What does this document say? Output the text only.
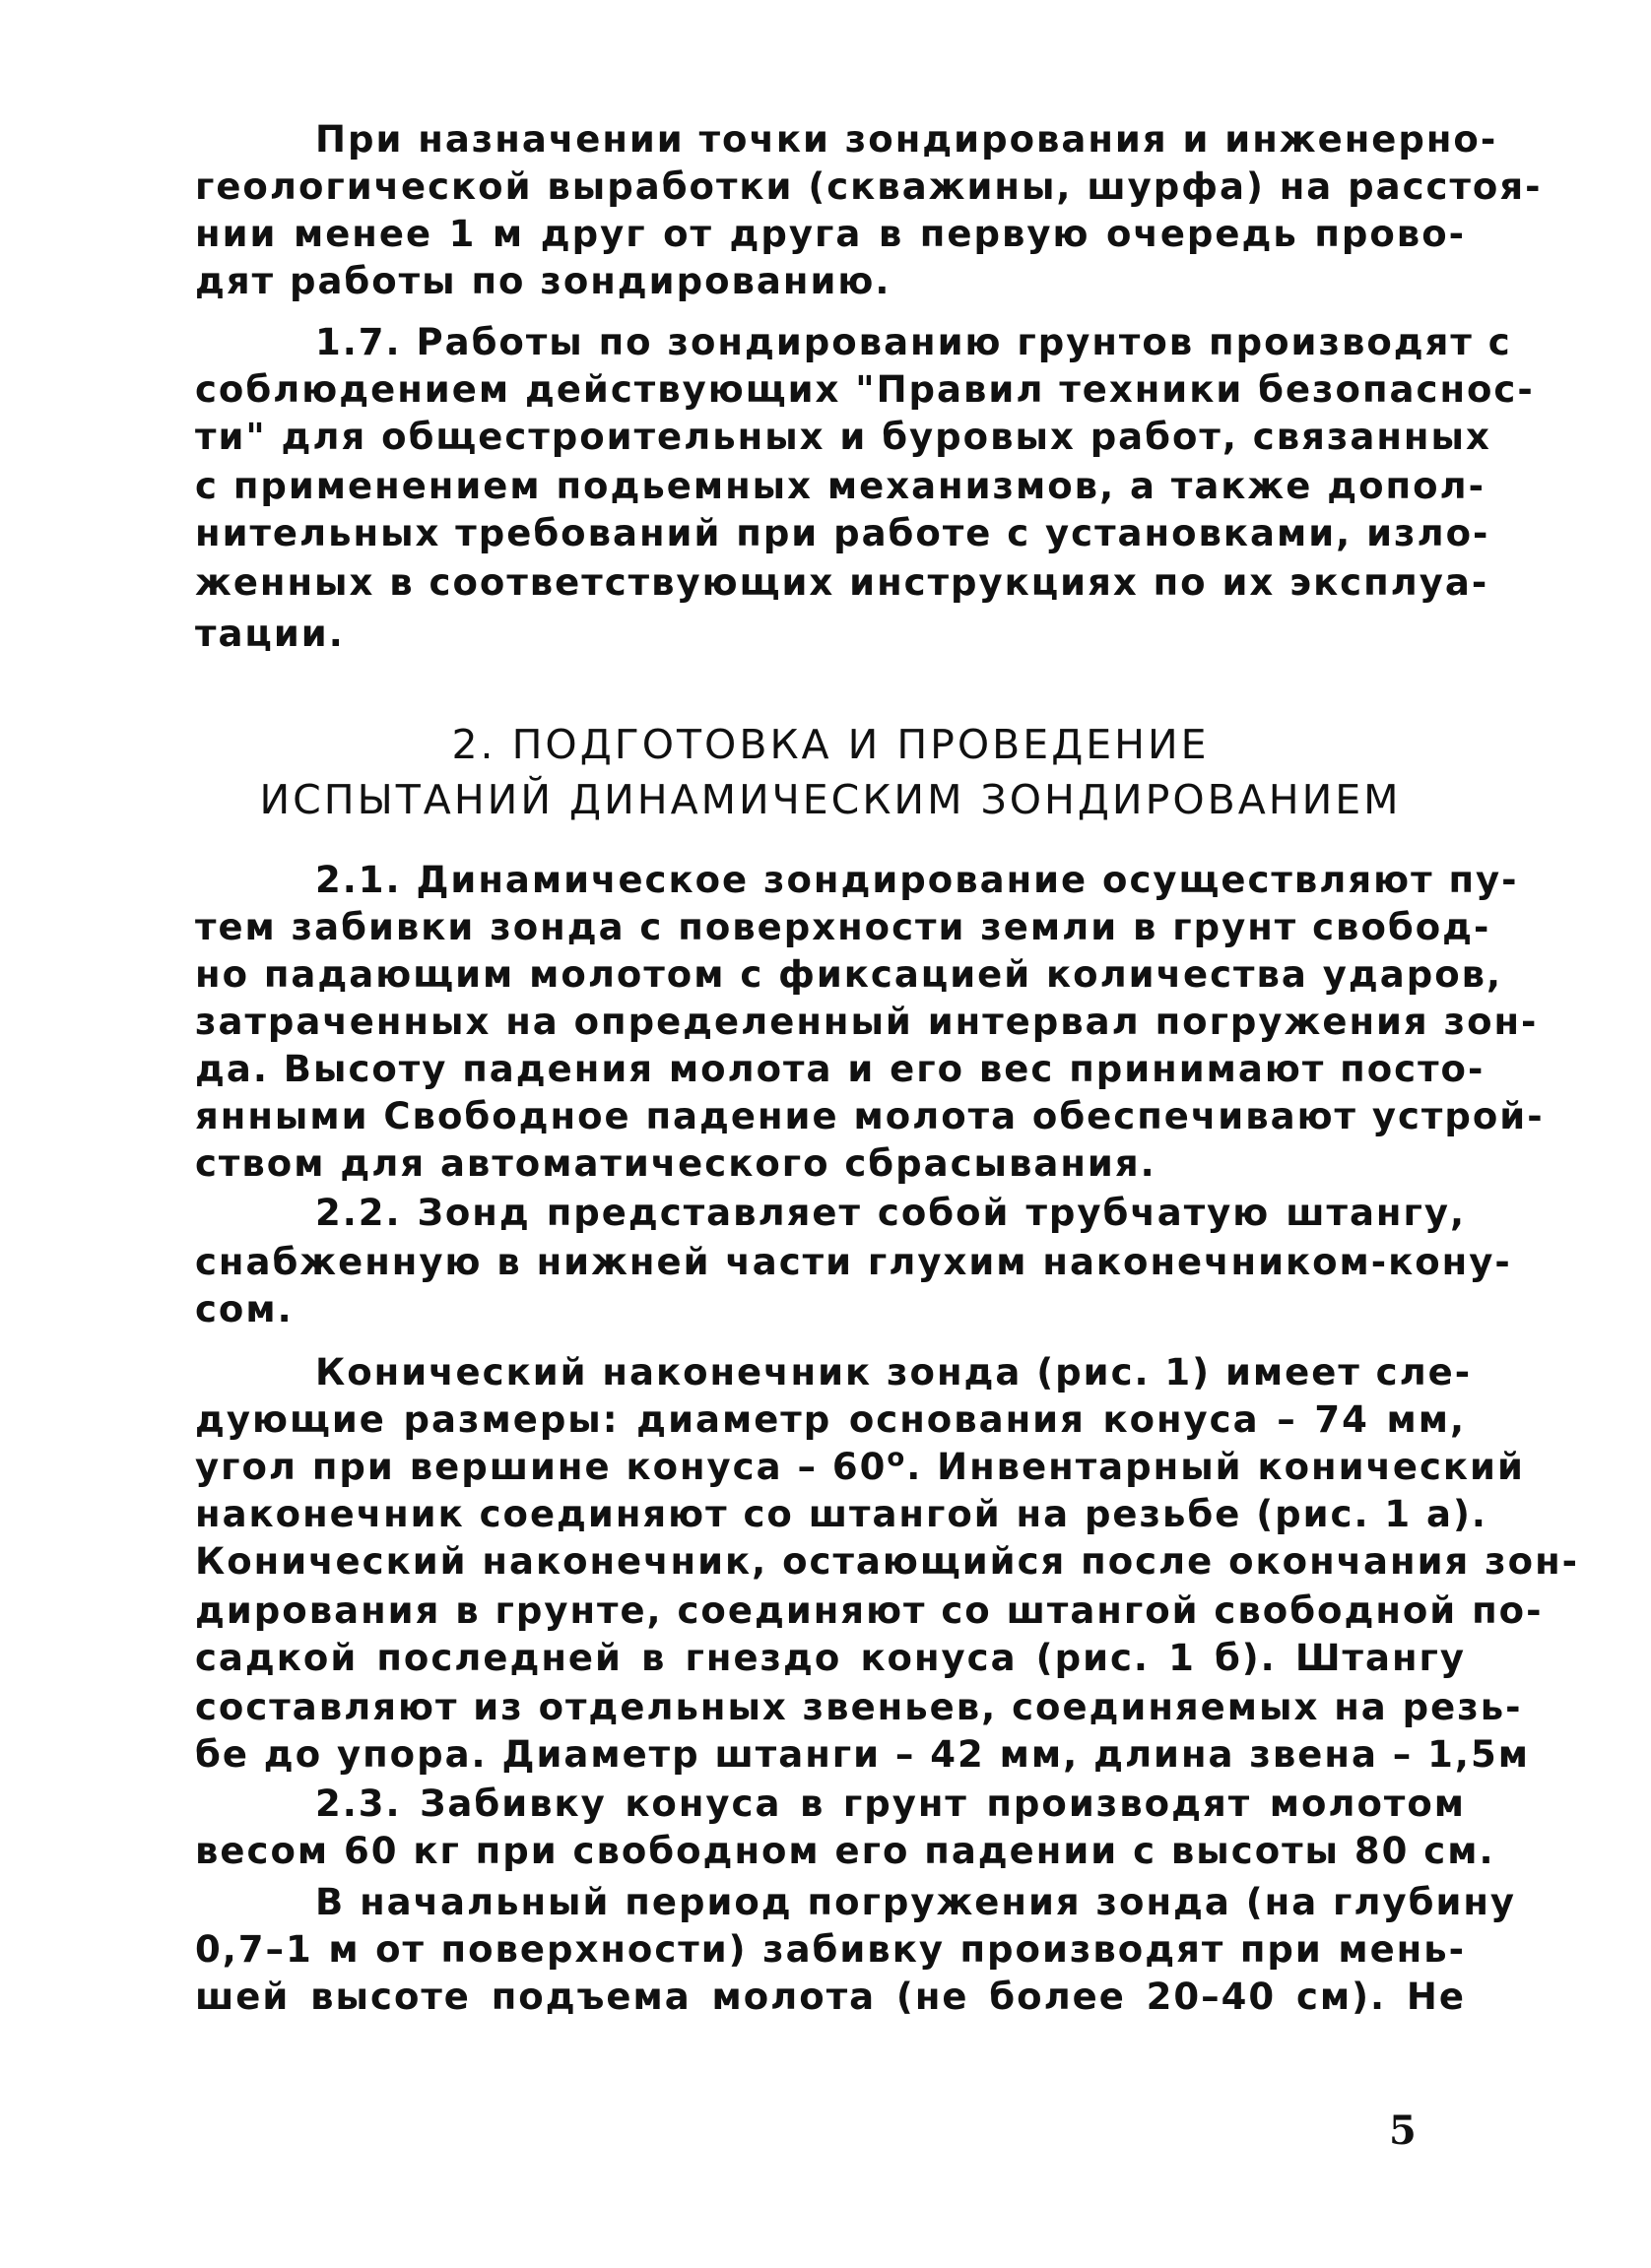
При назначении точки зондирования и инженерно-
геологической выработки (скважины, шурфа) на расстоя-
нии менее 1 м друг от друга в первую очередь прово-
дят работы по зондированию.
1.7. Работы по зондированию грунтов производят с
соблюдением действующих "Правил техники безопаснос-
ти" для общестроительных и буровых работ, связанных
с применением подьемных механизмов, а также допол-
нительных требований при работе с установками, изло-
женных в соответствующих инструкциях по их эксплуа-
тации.
2. ПОДГОТОВКА И ПРОВЕДЕНИЕ
ИСПЫТАНИЙ ДИНАМИЧЕСКИМ ЗОНДИРОВАНИЕМ
2.1. Динамическое зондирование осуществляют пу-
тем забивки зонда с поверхности земли в грунт свобод-
но падающим молотом с фиксацией количества ударов,
затраченных на определенный интервал погружения зон-
да. Высоту падения молота и его вес принимают посто-
янными Свободное падение молота обеспечивают устрой-
ством для автоматического сбрасывания.
2.2. Зонд представляет собой трубчатую штангу,
снабженную в нижней части глухим наконечником-кону-
сом.
Конический наконечник зонда (рис. 1) имеет сле-
дующие размеры: диаметр основания конуса – 74 мм,
угол при вершине конуса – $60^о$. Инвентарный конический
наконечник соединяют со штангой на резьбе (рис. 1 а).
Конический наконечник, остающийся после окончания зон-
дирования в грунте, соединяют со штангой свободной по-
садкой последней в гнездо конуса (рис. 1 б). Штангу
составляют из отдельных звеньев, соединяемых на резь-
бе до упора. Диаметр штанги – 42 мм, длина звена – 1,5м
2.3. Забивку конуса в грунт производят молотом
весом 60 кг при свободном его падении с высоты 80 см.
В начальный период погружения зонда (на глубину
0,7–1 м от поверхности) забивку производят при мень-
шей высоте подъема молота (не более 20–40 см). Не
5
